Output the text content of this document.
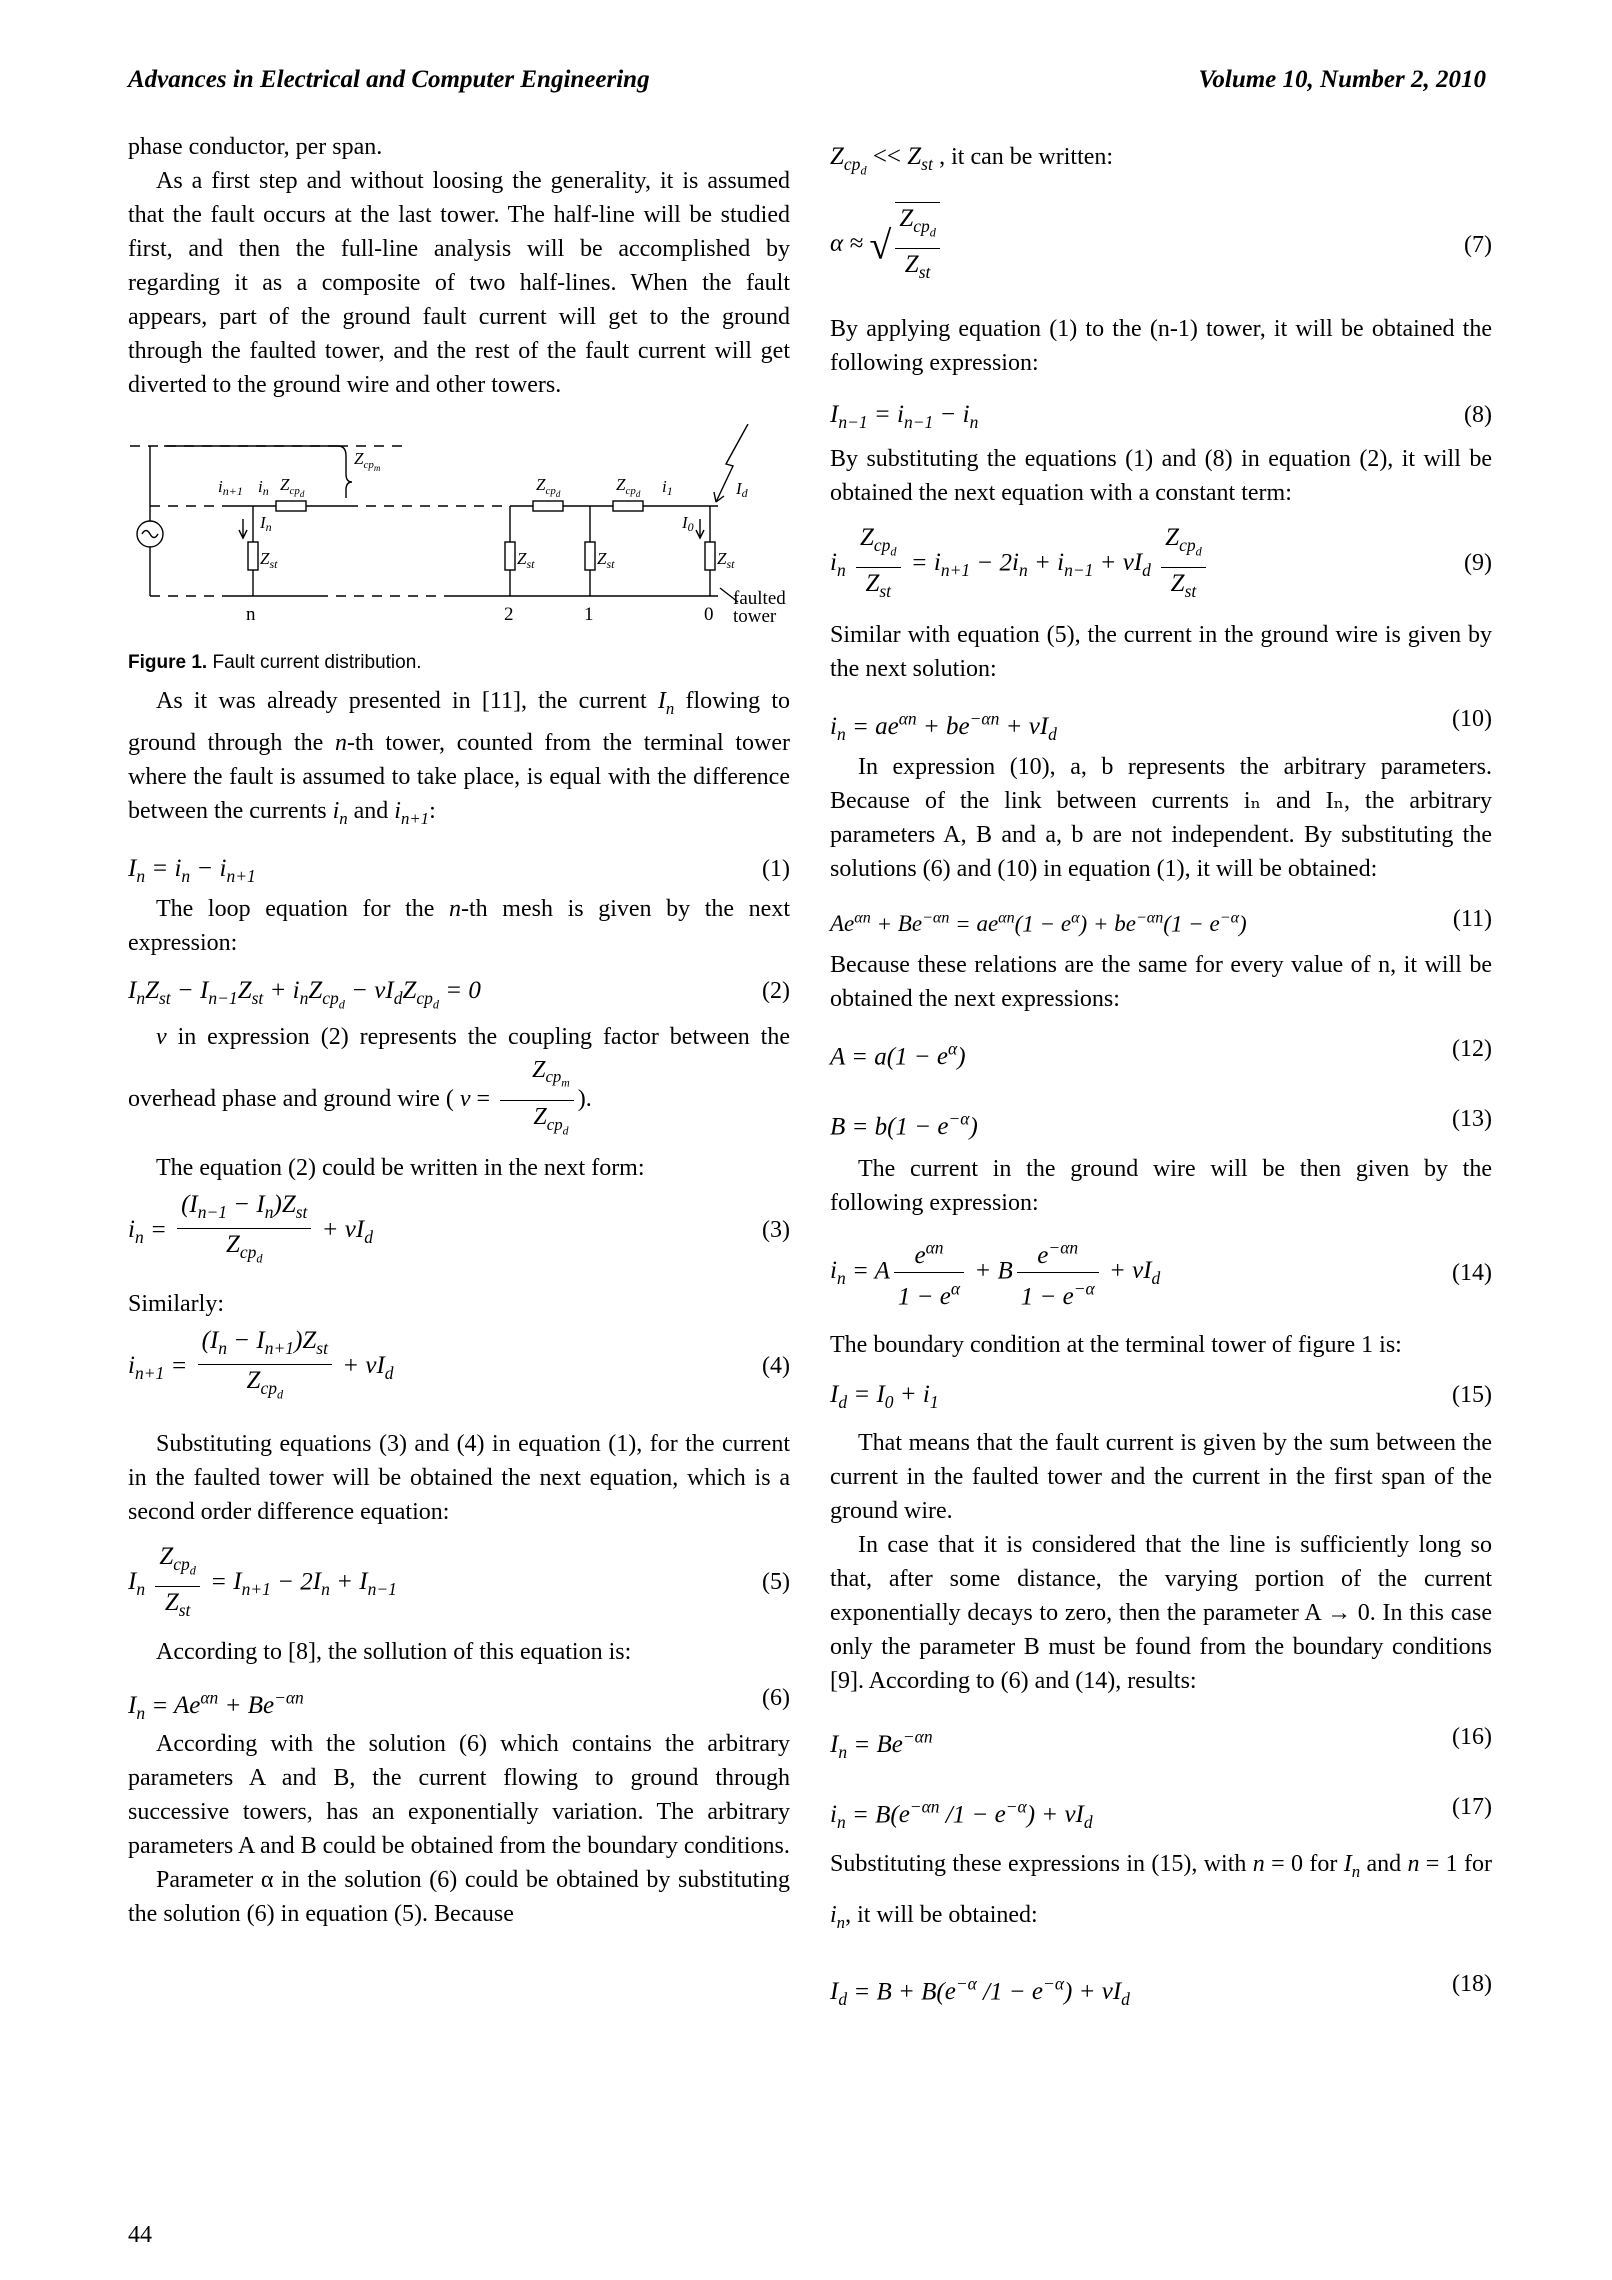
Advances in Electrical and Computer Engineering	Volume 10, Number 2, 2010

phase conductor, per span.

As a first step and without loosing the generality, it is assumed that the fault occurs at the last tower. The half-line will be studied first, and then the full-line analysis will be accomplished by regarding it as a composite of two half-lines. When the fault appears, part of the ground fault current will get to the ground through the faulted tower, and the rest of the fault current will get diverted to the ground wire and other towers.

in+1 in $Z_{cp}d$
$Z_{cp}m$
$Z_{cp}d$	$Z_{cp}d$ i1	Id
In	I0
$Z_{st}$	$Z_{st}$	$Z_{st}$	$Z_{st}$
n	2	1	0
faulted
tower
Figure 1. Fault current distribution.

As it was already presented in [11], the current $I_n$ flowing to ground through the n-th tower, counted from the terminal tower where the fault is assumed to take place, is equal with the difference between the currents $i_n$ and $i_{n+1}$:

$I_n = i_n - i_{n+1}$	(1)

The loop equation for the n-th mesh is given by the next expression:

$I_nZ_{st} - I_{n-1}Z_{st} + i_nZ_{cp_d} - \nu I_dZ_{cp_d} = 0$	(2)

ν in expression (2) represents the coupling factor between the overhead phase and ground wire ( $\nu = \frac{Z_{cp_m}}{Z_{cp_d}}$ ).

The equation (2) could be written in the next form:

$i_n = \frac{(I_{n-1} - I_n)Z_{st}}{Z_{cp_d}} + \nu I_d$	(3)

Similarly:

$i_{n+1} = \frac{(I_n - I_{n+1})Z_{st}}{Z_{cp_d}} + \nu I_d$	(4)

Substituting equations (3) and (4) in equation (1), for the current in the faulted tower will be obtained the next equation, which is a second order difference equation:

$I_n \frac{Z_{cp_d}}{Z_{st}} = I_{n+1} - 2I_n + I_{n-1}$	(5)

According to [8], the sollution of this equation is:

$I_n = Ae^{\alpha n} + Be^{-\alpha n}$	(6)

According with the solution (6) which contains the arbitrary parameters A and B, the current flowing to ground through successive towers, has an exponentially variation. The arbitrary parameters A and B could be obtained from the boundary conditions.

Parameter α in the solution (6) could be obtained by substituting the solution (6) in equation (5). Because

$Z_{cp_d} << Z_{st}$ , it can be written:

α ≈ √ $\frac{Z_{cp_d}}{Z_{st}}$	(7)

By applying equation (1) to the (n-1) tower, it will be obtained the following expression:

$I_{n-1} = i_{n-1} - i_n$	(8)

By substituting the equations (1) and (8) in equation (2), it will be obtained the next equation with a constant term:

$i_n \frac{Z_{cp_d}}{Z_{st}} = i_{n+1} - 2i_n + i_{n-1} + \nu I_d \frac{Z_{cp_d}}{Z_{st}}$	(9)

Similar with equation (5), the current in the ground wire is given by the next solution:

$i_n = ae^{\alpha n} + be^{-\alpha n} + \nu I_d$
(10)

In expression (10), a, b represents the arbitrary parameters. Because of the link between currents iₙ and Iₙ, the arbitrary parameters A, B and a, b are not independent. By substituting the solutions (6) and (10) in equation (1), it will be obtained:

$Ae^{\alpha n} + Be^{-\alpha n} = ae^{\alpha n}(1 - e^\alpha) + be^{-\alpha n}(1 - e^{-\alpha})$	(11)

Because these relations are the same for every value of n, it will be obtained the next expressions:

$A = a(1 - e^\alpha)$	(12)
$B = b(1 - e^{-\alpha})$	(13)

The current in the ground wire will be then given by the following expression:

$i_n = A \frac{e^{\alpha n}}{1 - e^\alpha} + B \frac{e^{-\alpha n}}{1 - e^{-\alpha}} + \nu I_d$	(14)

The boundary condition at the terminal tower of figure 1 is:

$I_d = I_0 + i_1$	(15)

That means that the fault current is given by the sum between the current in the faulted tower and the current in the first span of the ground wire.

In case that it is considered that the line is sufficiently long so that, after some distance, the varying portion of the current exponentially decays to zero, then the parameter A → 0. In this case only the parameter B must be found from the boundary conditions [9]. According to (6) and (14), results:

$I_n = Be^{-\alpha n}$	(16)
$i_n = B(e^{-\alpha n}$ $/1 - e^{-\alpha}) + \nu I_d$
(17)

Substituting these expressions in (15), with n = 0 for $I_n$ and n = 1 for $i_n$, it will be obtained:

$I_d = B + B(e^{-\alpha}$ $/1 - e^{-\alpha}) + \nu I_d$
(18)
44
